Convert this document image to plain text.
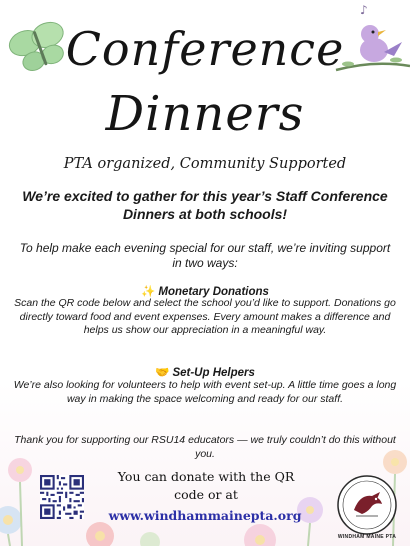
♪
Conference
Dinners
PTA organized, Community Supported
We’re excited to gather for this year’s Staff Conference Dinners at both schools!
To help make each evening special for our staff, we’re inviting support in two ways:
✨ Monetary Donations
Scan the QR code below and select the school you’d like to support. Donations go directly toward food and event expenses. Every amount makes a difference and helps us show our appreciation in a meaningful way.
🤝 Set-Up Helpers
We’re also looking for volunteers to help with event set-up. A little time goes a long way in making the space welcoming and ready for our staff.
Thank you for supporting our RSU14 educators — we truly couldn’t do this without you.
You can donate with the QR code or at
www.windhammainepta.org
WINDHAM MAINE PTA
